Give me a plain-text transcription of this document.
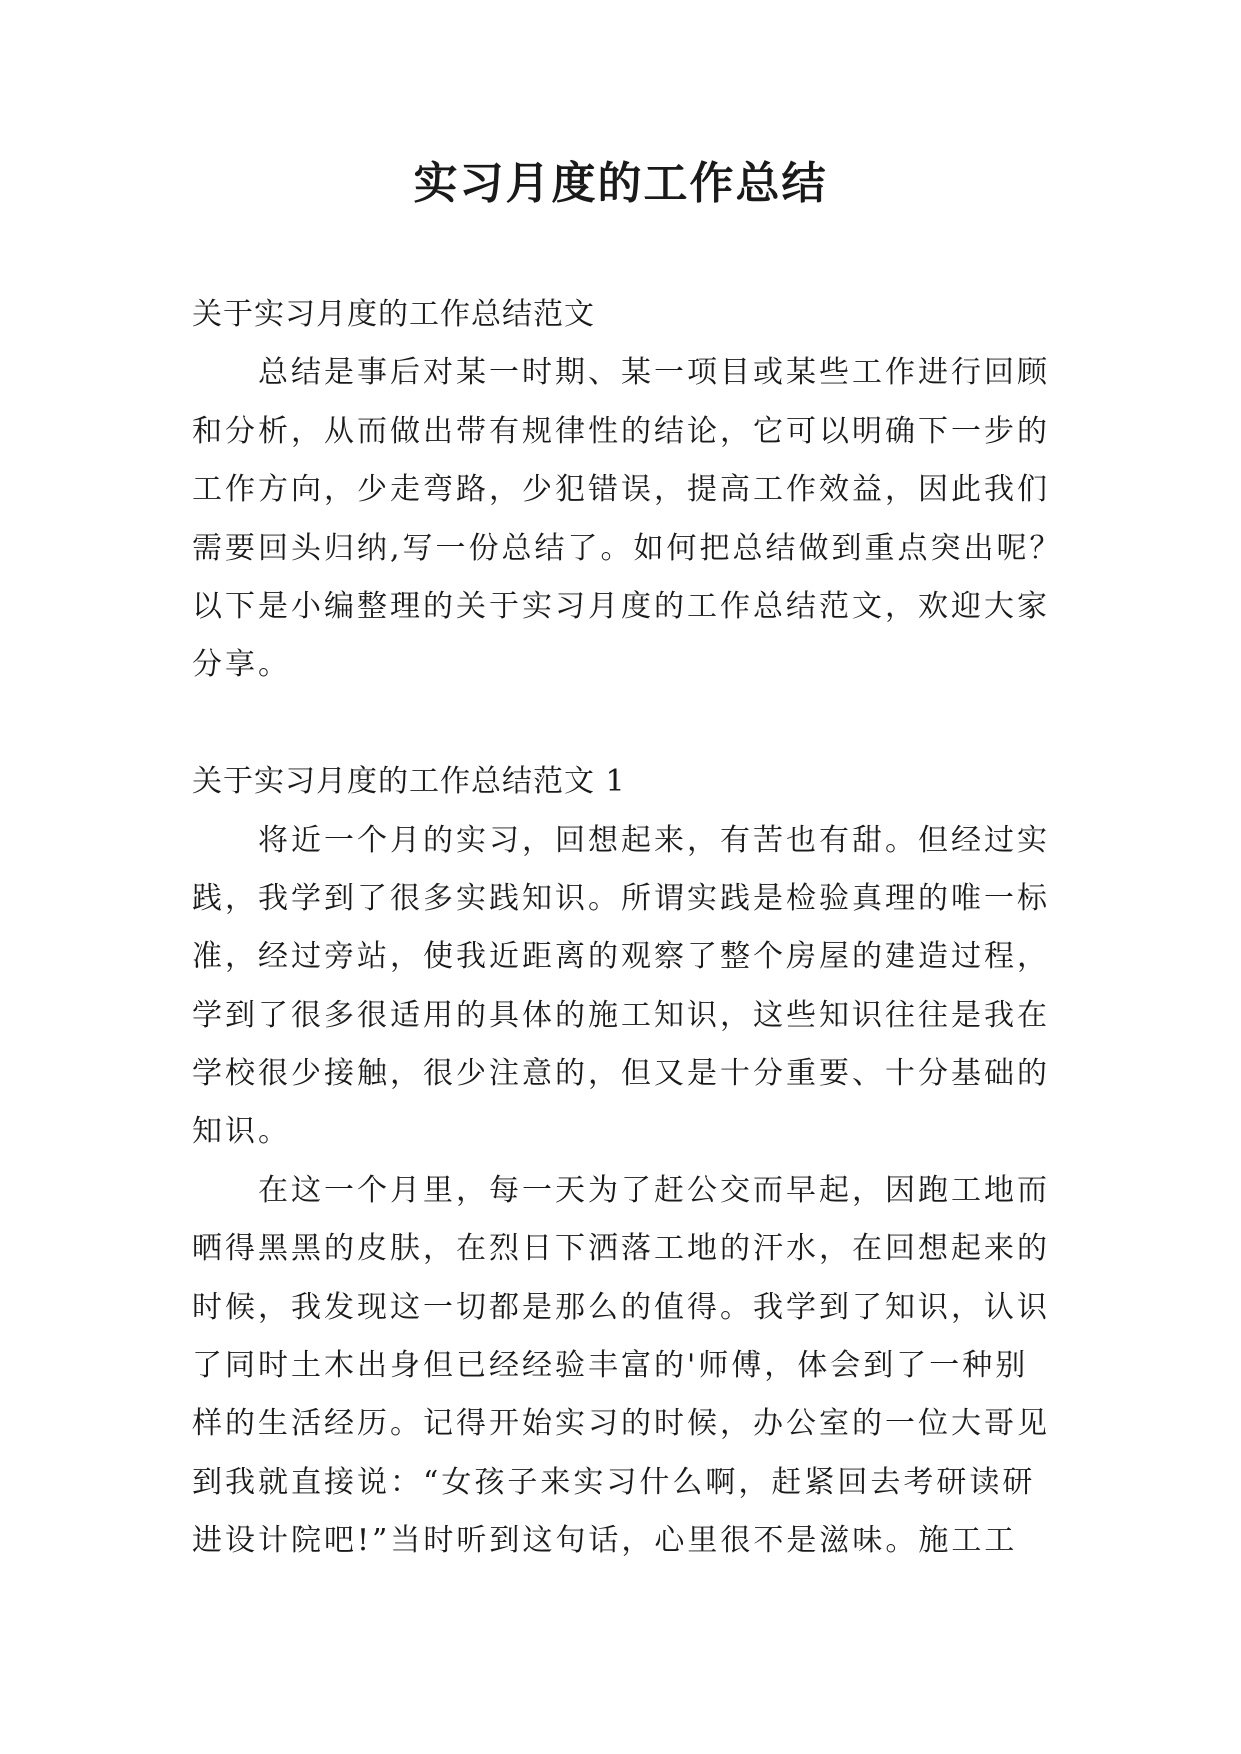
实习月度的工作总结
关于实习月度的工作总结范文
总结是事后对某一时期、某一项目或某些工作进行回顾
和分析，从而做出带有规律性的结论，它可以明确下一步的
工作方向，少走弯路，少犯错误，提高工作效益，因此我们
需要回头归纳,写一份总结了。如何把总结做到重点突出呢？
以下是小编整理的关于实习月度的工作总结范文，欢迎大家
分享。
关于实习月度的工作总结范文 1
将近一个月的实习，回想起来，有苦也有甜。但经过实
践，我学到了很多实践知识。所谓实践是检验真理的唯一标
准，经过旁站，使我近距离的观察了整个房屋的建造过程，
学到了很多很适用的具体的施工知识，这些知识往往是我在
学校很少接触，很少注意的，但又是十分重要、十分基础的
知识。
在这一个月里，每一天为了赶公交而早起，因跑工地而
晒得黑黑的皮肤，在烈日下洒落工地的汗水，在回想起来的
时候，我发现这一切都是那么的值得。我学到了知识，认识
了同时土木出身但已经经验丰富的'师傅，体会到了一种别
样的生活经历。记得开始实习的时候，办公室的一位大哥见
到我就直接说：“女孩子来实习什么啊，赶紧回去考研读研
进设计院吧!”当时听到这句话，心里很不是滋味。施工工
